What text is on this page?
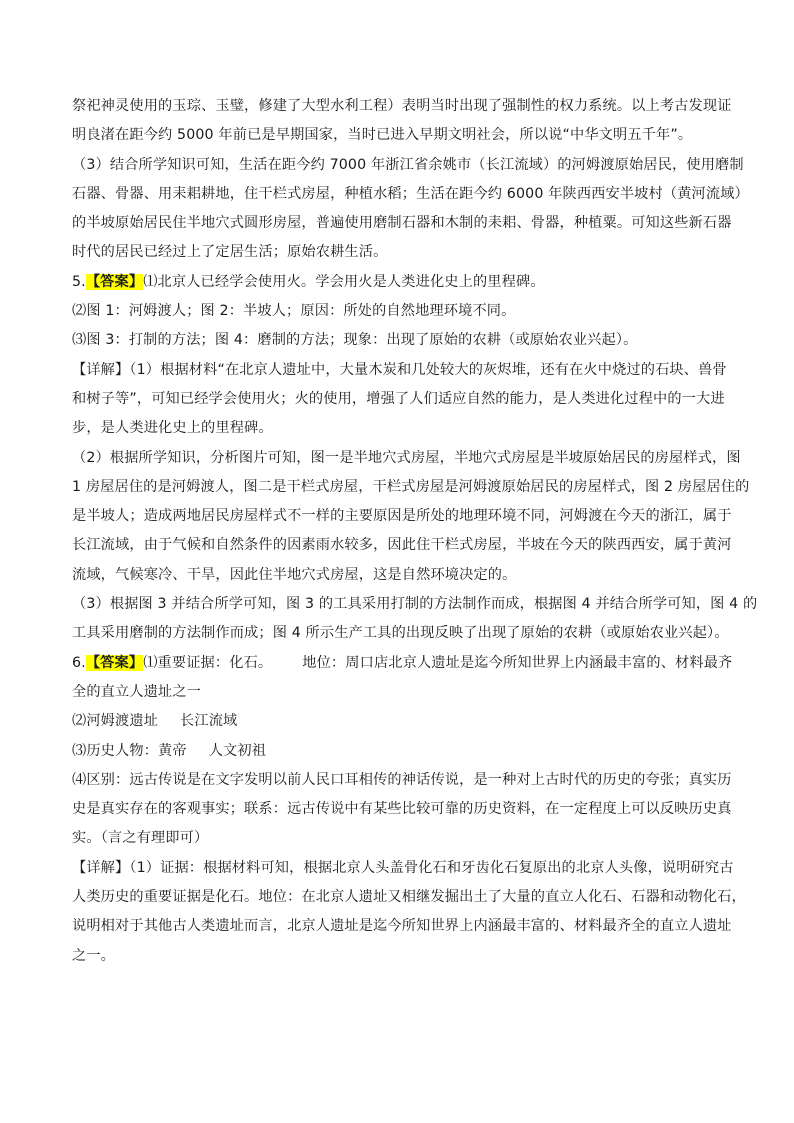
祭祀神灵使用的玉琮、玉璧，修建了大型水利工程）表明当时出现了强制性的权力系统。以上考古发现证
明良渚在距今约 5000 年前已是早期国家，当时已进入早期文明社会，所以说“中华文明五千年”。
（3）结合所学知识可知，生活在距今约 7000 年浙江省余姚市（长江流域）的河姆渡原始居民，使用磨制
石器、骨器、用耒耜耕地，住干栏式房屋，种植水稻；生活在距今约 6000 年陕西西安半坡村（黄河流域）
的半坡原始居民住半地穴式圆形房屋，普遍使用磨制石器和木制的耒耜、骨器，种植粟。可知这些新石器
时代的居民已经过上了定居生活；原始农耕生活。
5.【答案】⑴北京人已经学会使用火。学会用火是人类进化史上的里程碑。
⑵图 1：河姆渡人；图 2：半坡人；原因：所处的自然地理环境不同。
⑶图 3：打制的方法；图 4：磨制的方法；现象：出现了原始的农耕（或原始农业兴起）。
【详解】（1）根据材料“在北京人遗址中，大量木炭和几处较大的灰烬堆，还有在火中烧过的石块、兽骨
和树子等”，可知已经学会使用火；火的使用，增强了人们适应自然的能力，是人类进化过程中的一大进
步，是人类进化史上的里程碑。
（2）根据所学知识，分析图片可知，图一是半地穴式房屋，半地穴式房屋是半坡原始居民的房屋样式，图
1 房屋居住的是河姆渡人，图二是干栏式房屋，干栏式房屋是河姆渡原始居民的房屋样式，图 2 房屋居住的
是半坡人；造成两地居民房屋样式不一样的主要原因是所处的地理环境不同，河姆渡在今天的浙江，属于
长江流域，由于气候和自然条件的因素雨水较多，因此住干栏式房屋，半坡在今天的陕西西安，属于黄河
流域，气候寒冷、干旱，因此住半地穴式房屋，这是自然环境决定的。
（3）根据图 3 并结合所学可知，图 3 的工具采用打制的方法制作而成，根据图 4 并结合所学可知，图 4 的
工具采用磨制的方法制作而成；图 4 所示生产工具的出现反映了出现了原始的农耕（或原始农业兴起）。
6.【答案】⑴重要证据：化石。 地位：周口店北京人遗址是迄今所知世界上内涵最丰富的、材料最齐
全的直立人遗址之一
⑵河姆渡遗址 长江流域
⑶历史人物：黄帝 人文初祖
⑷区别：远古传说是在文字发明以前人民口耳相传的神话传说，是一种对上古时代的历史的夸张；真实历
史是真实存在的客观事实；联系：远古传说中有某些比较可靠的历史资料，在一定程度上可以反映历史真
实。（言之有理即可）
【详解】（1）证据：根据材料可知，根据北京人头盖骨化石和牙齿化石复原出的北京人头像，说明研究古
人类历史的重要证据是化石。地位：在北京人遗址又相继发掘出土了大量的直立人化石、石器和动物化石，
说明相对于其他古人类遗址而言，北京人遗址是迄今所知世界上内涵最丰富的、材料最齐全的直立人遗址
之一。
